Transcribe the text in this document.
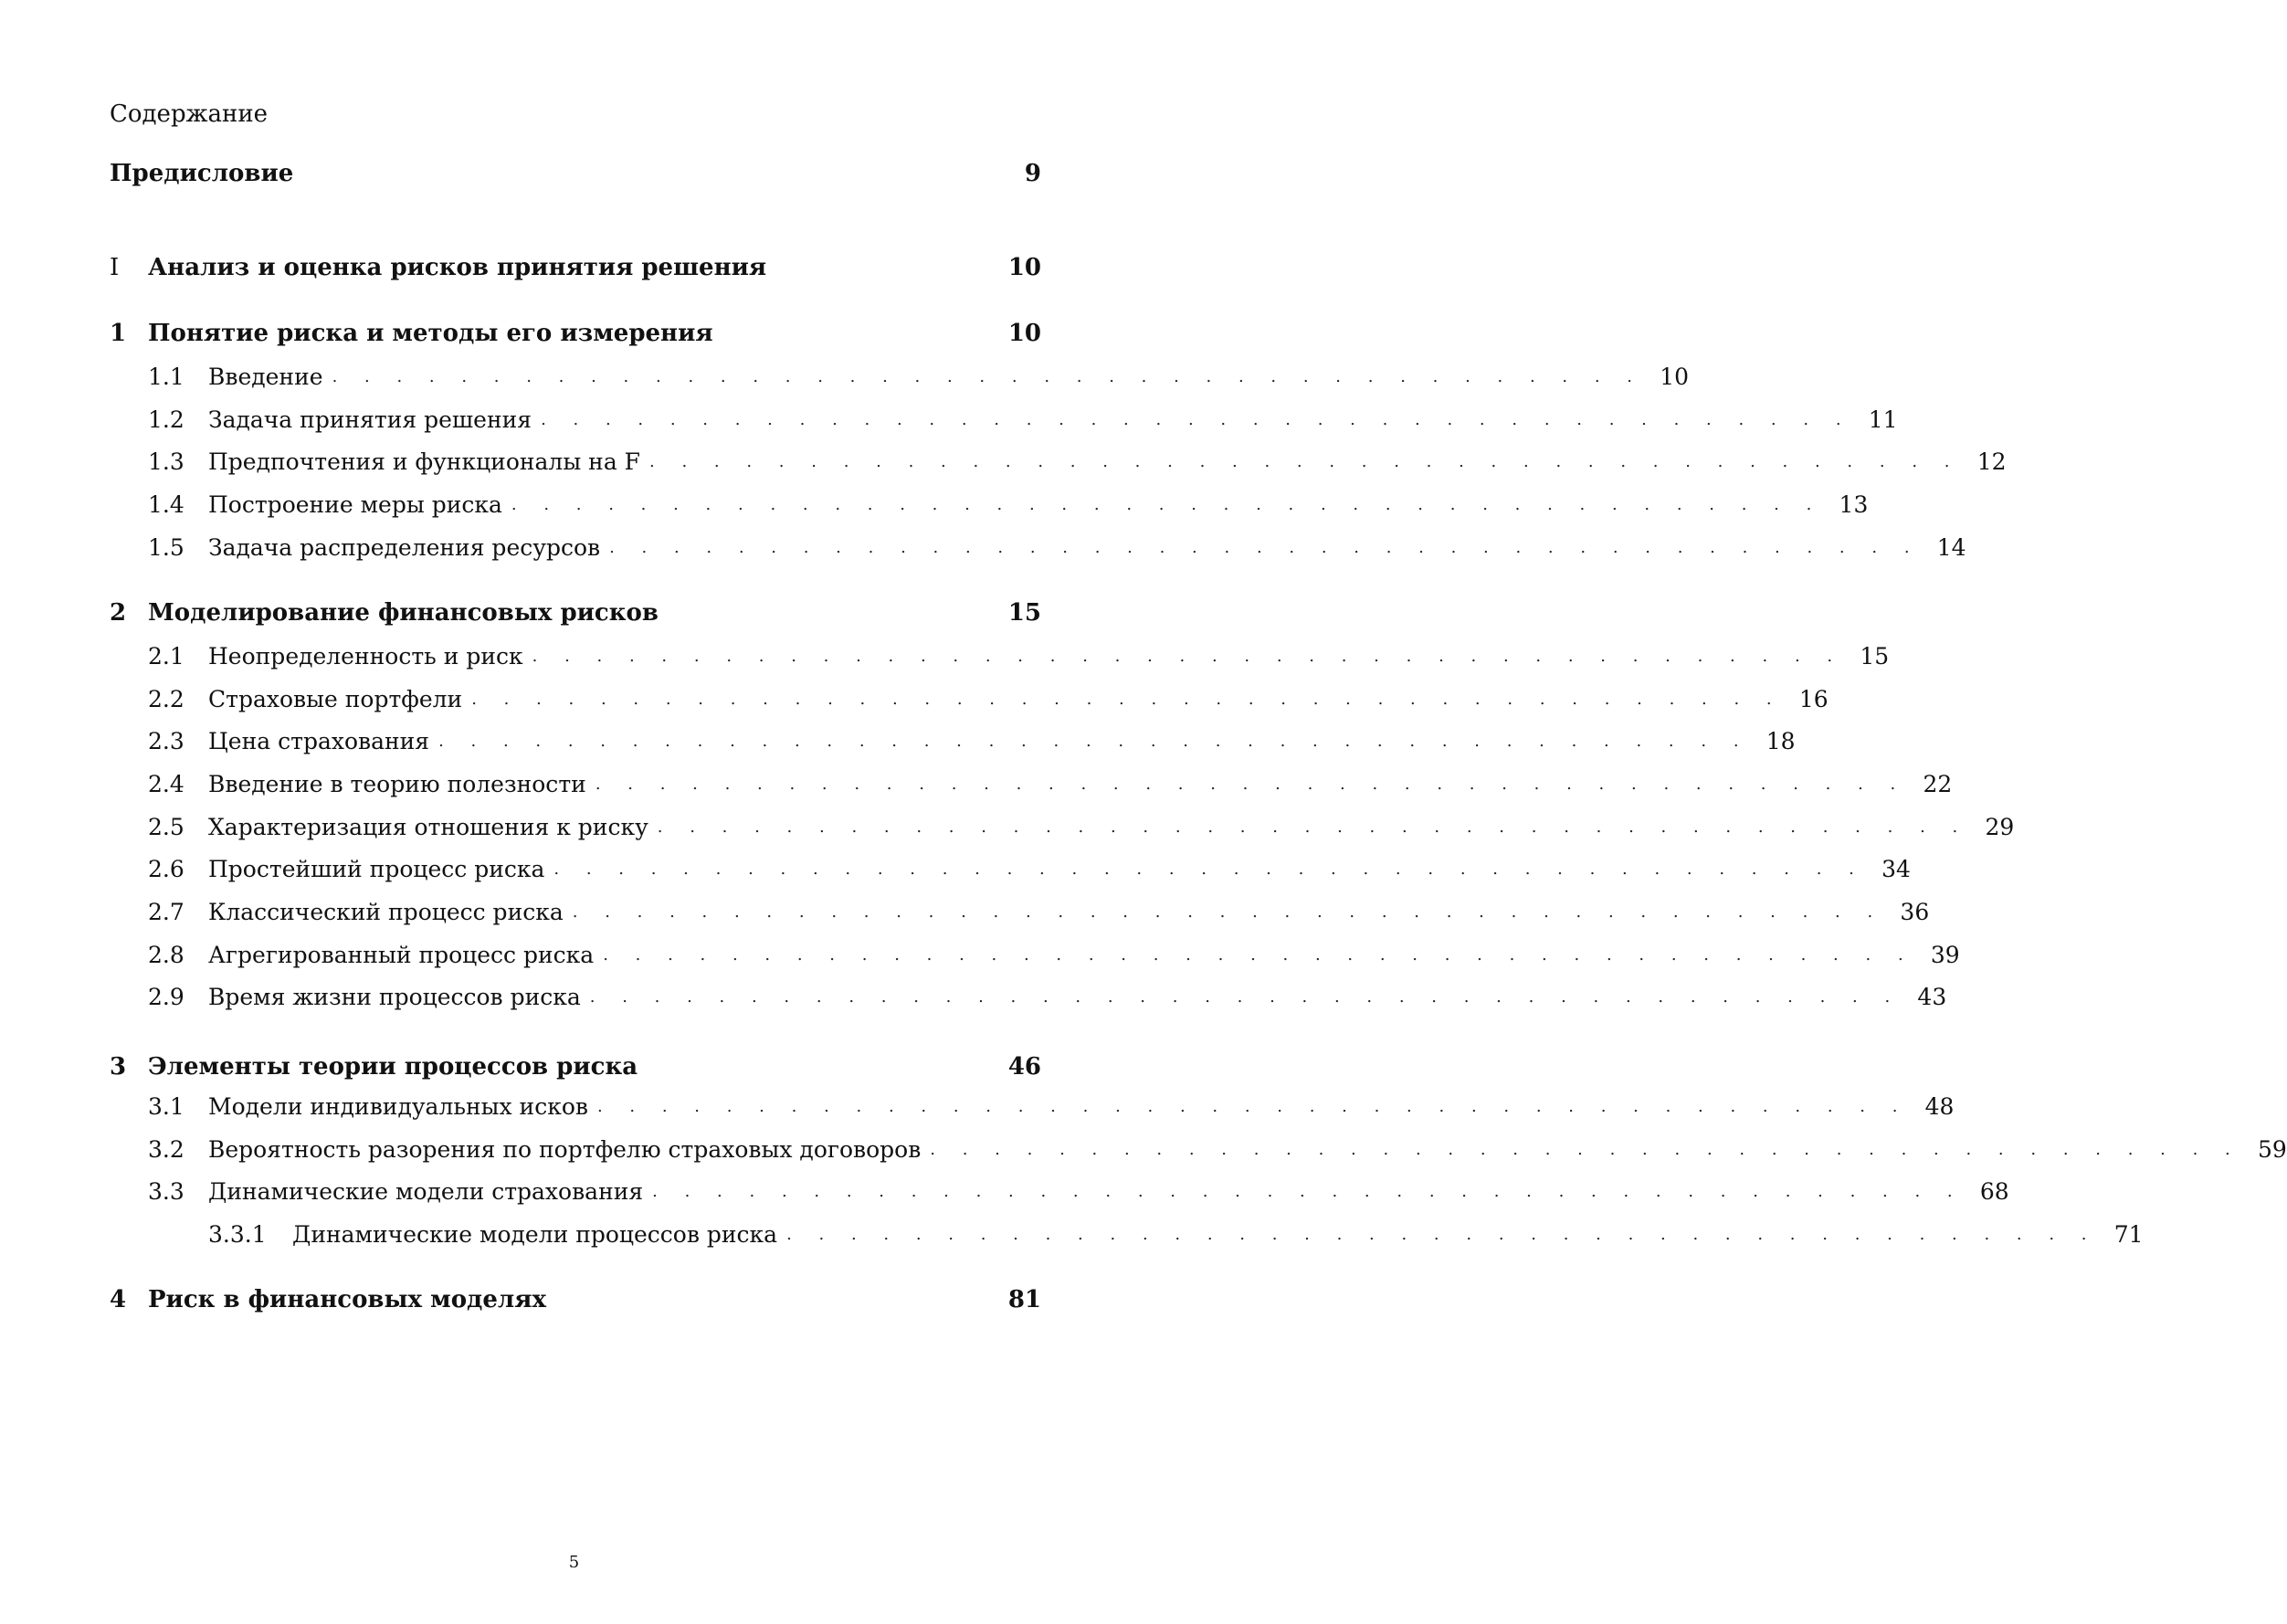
Содержание
Предисловие	9
I	Анализ и оценка рисков принятия решения	10
1 Понятие риска и методы его измерения	10
1.1	Введение . . . . . . . . . . . . . . . . . . . . . . . . . . . . . . . . . . . . . . . . . 10
1.2	Задача принятия решения . . . . . . . . . . . . . . . . . . . . . . . . . . . . . . . . . . . . . . . . . 11
1.3	Предпочтения и функционалы на F . . . . . . . . . . . . . . . . . . . . . . . . . . . . . . . . . . . . . . . . . 12
1.4	Построение меры риска . . . . . . . . . . . . . . . . . . . . . . . . . . . . . . . . . . . . . . . . . 13
1.5	Задача распределения ресурсов . . . . . . . . . . . . . . . . . . . . . . . . . . . . . . . . . . . . . . . . . 14
2 Моделирование финансовых рисков	15
2.1	Неопределенность и риск . . . . . . . . . . . . . . . . . . . . . . . . . . . . . . . . . . . . . . . . . 15
2.2	Страховые портфели . . . . . . . . . . . . . . . . . . . . . . . . . . . . . . . . . . . . . . . . . 16
2.3	Цена страхования . . . . . . . . . . . . . . . . . . . . . . . . . . . . . . . . . . . . . . . . . 18
2.4	Введение в теорию полезности . . . . . . . . . . . . . . . . . . . . . . . . . . . . . . . . . . . . . . . . . 22
2.5	Характеризация отношения к риску . . . . . . . . . . . . . . . . . . . . . . . . . . . . . . . . . . . . . . . . . 29
2.6	Простейший процесс риска . . . . . . . . . . . . . . . . . . . . . . . . . . . . . . . . . . . . . . . . . 34
2.7	Классический процесс риска . . . . . . . . . . . . . . . . . . . . . . . . . . . . . . . . . . . . . . . . . 36
2.8	Агрегированный процесс риска . . . . . . . . . . . . . . . . . . . . . . . . . . . . . . . . . . . . . . . . . 39
2.9	Время жизни процессов риска . . . . . . . . . . . . . . . . . . . . . . . . . . . . . . . . . . . . . . . . . 43
3 Элементы теории процессов риска	46
3.1	Модели индивидуальных исков . . . . . . . . . . . . . . . . . . . . . . . . . . . . . . . . . . . . . . . . . 48
3.2	Вероятность разорения по портфелю страховых договоров . . . . . . . . . . . . . . . . . . . . . . . . . . . . . . . . . . . . . . . . . 59
3.3	Динамические модели страхования . . . . . . . . . . . . . . . . . . . . . . . . . . . . . . . . . . . . . . . . . 68
3.3.1	Динамические модели процессов риска . . . . . . . . . . . . . . . . . . . . . . . . . . . . . . . . . . . . . . . . . 71
4 Риск в финансовых моделях	81
5
